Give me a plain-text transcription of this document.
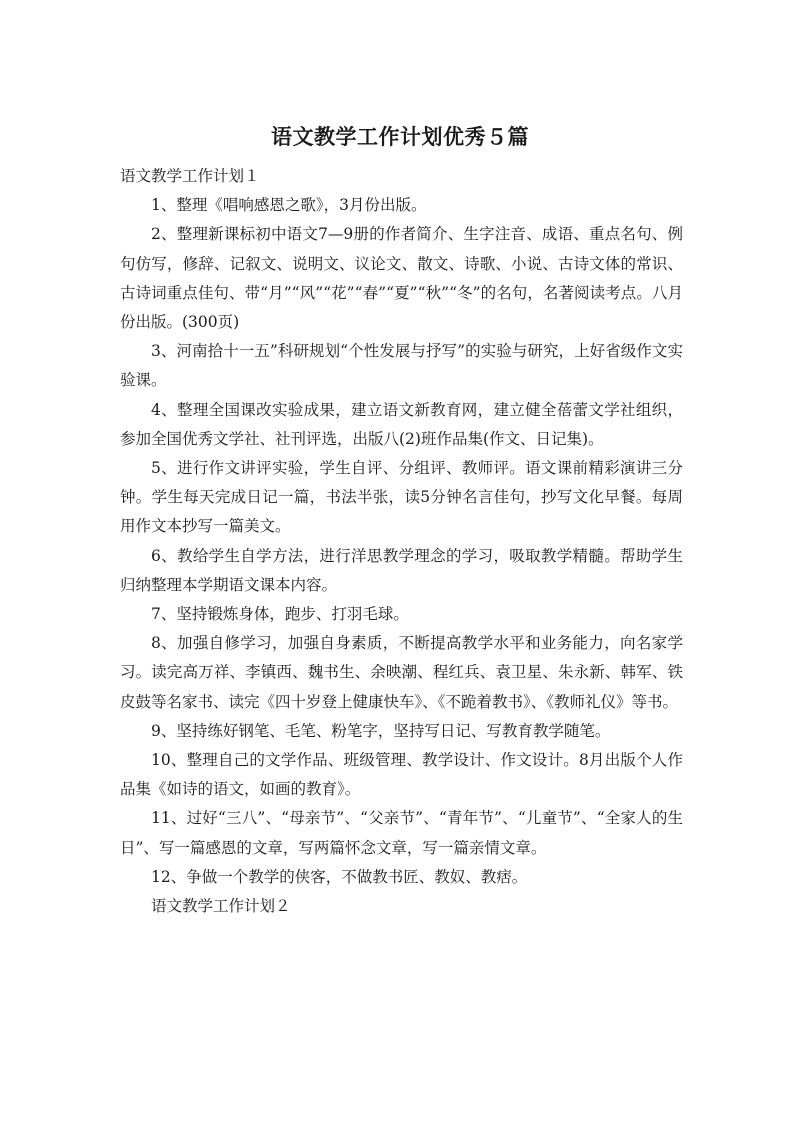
语文教学工作计划优秀５篇

语文教学工作计划１

1、整理《唱响感恩之歌》，3月份出版。

2、整理新课标初中语文7—9册的作者简介、生字注音、成语、重点名句、例句仿写，修辞、记叙文、说明文、议论文、散文、诗歌、小说、古诗文体的常识、古诗词重点佳句、带“月”“风”“花”“春”“夏”“秋”“冬”的名句，名著阅读考点。八月份出版。(300页)

3、河南拾十一五”科研规划“个性发展与抒写”的实验与研究，上好省级作文实验课。

4、整理全国课改实验成果，建立语文新教育网，建立健全蓓蕾文学社组织，参加全国优秀文学社、社刊评选，出版八(2)班作品集(作文、日记集)。

5、进行作文讲评实验，学生自评、分组评、教师评。语文课前精彩演讲三分钟。学生每天完成日记一篇，书法半张，读5分钟名言佳句，抄写文化早餐。每周用作文本抄写一篇美文。

6、教给学生自学方法，进行洋思教学理念的学习，吸取教学精髓。帮助学生归纳整理本学期语文课本内容。

7、坚持锻炼身体，跑步、打羽毛球。

8、加强自修学习，加强自身素质，不断提高教学水平和业务能力，向名家学习。读完高万祥、李镇西、魏书生、余映潮、程红兵、袁卫星、朱永新、韩军、铁皮鼓等名家书、读完《四十岁登上健康快车》、《不跪着教书》、《教师礼仪》等书。

9、坚持练好钢笔、毛笔、粉笔字，坚持写日记、写教育教学随笔。

10、整理自己的文学作品、班级管理、教学设计、作文设计。8月出版个人作品集《如诗的语文，如画的教育》。

11、过好“三八”、“母亲节”、“父亲节”、“青年节”、“儿童节”、“全家人的生日”、写一篇感恩的文章，写两篇怀念文章，写一篇亲情文章。

12、争做一个教学的侠客，不做教书匠、教奴、教痞。

语文教学工作计划２
